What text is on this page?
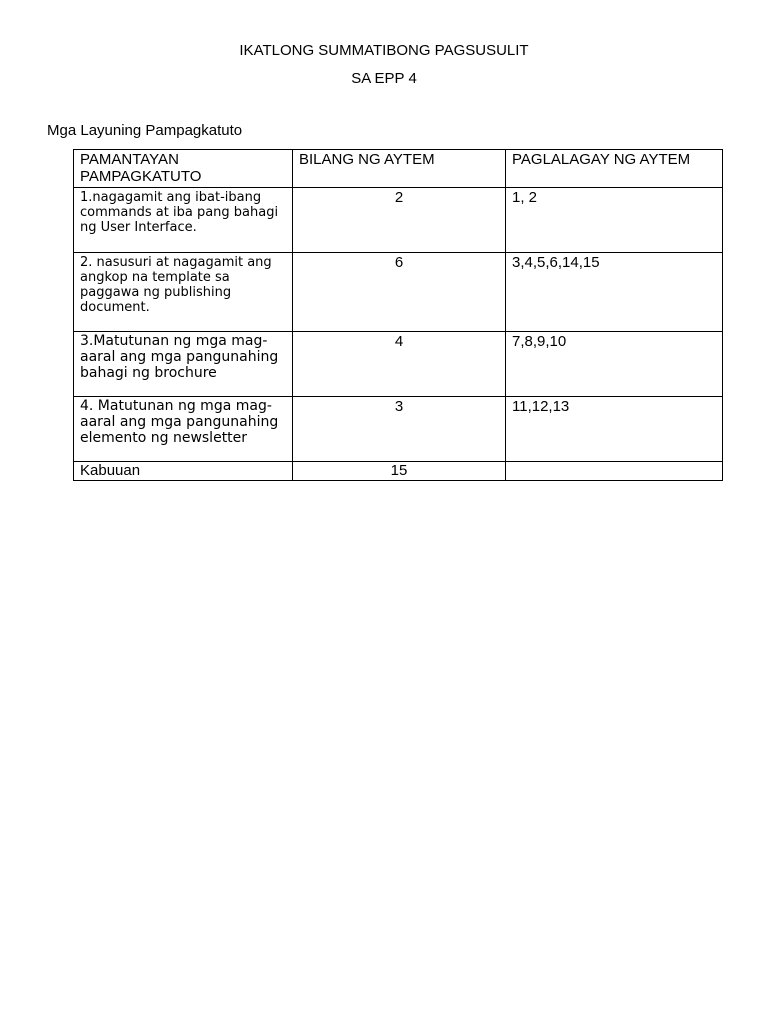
IKATLONG SUMMATIBONG PAGSUSULIT
SA EPP 4
Mga Layuning Pampagkatuto
PAMANTAYAN PAMPAGKATUTO	BILANG NG AYTEM	PAGLALAGAY NG AYTEM
1.nagagamit ang ibat-ibang commands at iba pang bahagi ng User Interface.	2	1, 2
2. nasusuri at nagagamit ang angkop na template sa paggawa ng publishing document.	6	3,4,5,6,14,15
3.Matutunan ng mga mag-aaral ang mga pangunahing bahagi ng brochure	4	7,8,9,10
4. Matutunan ng mga mag-aaral ang mga pangunahing elemento ng newsletter	3	11,12,13
Kabuuan	15	
